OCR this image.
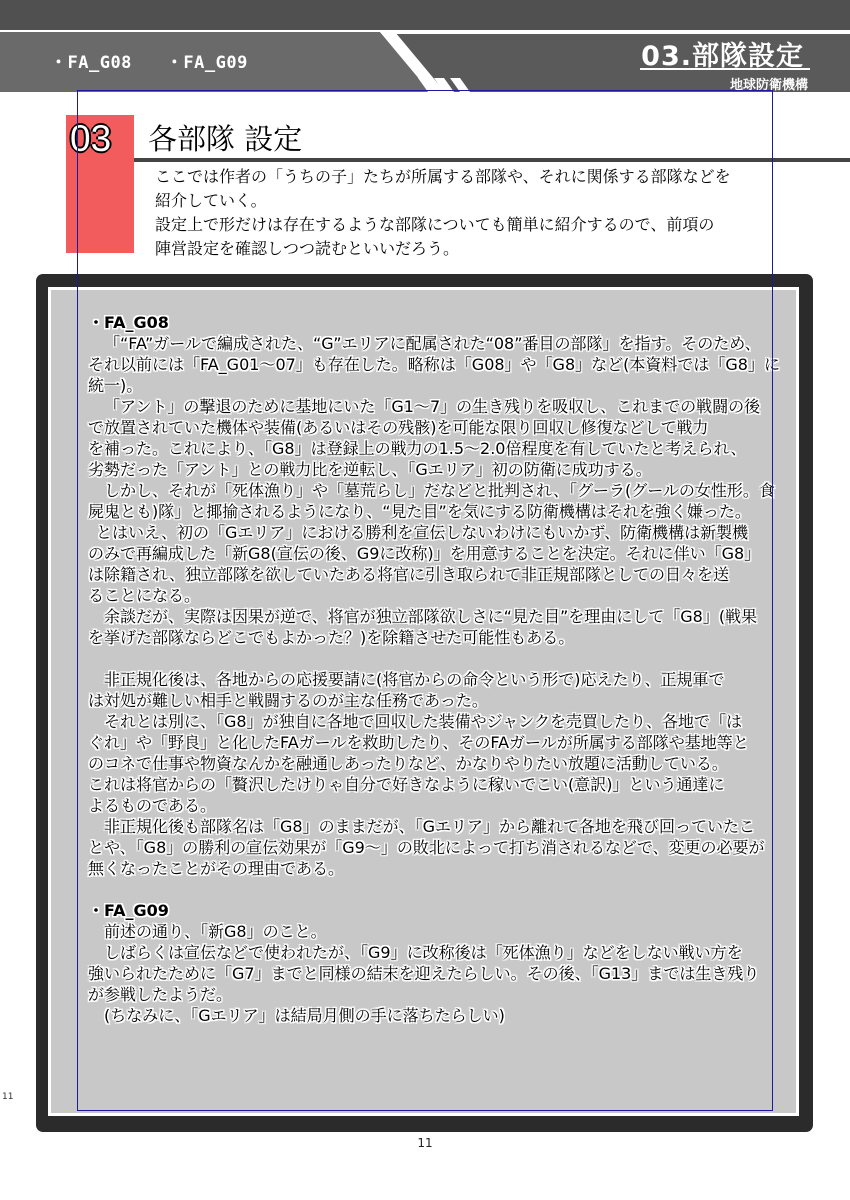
・FA_G08 ・FA_G09	03.部隊設定
地球防衛機構
03 各部隊 設定

ここでは作者の「うちの子」たちが所属する部隊や、それに関係する部隊などを

紹介していく。

設定上で形だけは存在するような部隊についても簡単に紹介するので、前項の

陣営設定を確認しつつ読むといいだろう。

・FA_G08

「“FA”ガールで編成された、“G”エリアに配属された“08”番目の部隊」を指す。そのため、

それ以前には「FA_G01～07」も存在した。略称は「G08」や「G8」など(本資料では「G8」に

統一)。

「アント」の撃退のために基地にいた「G1～7」の生き残りを吸収し、これまでの戦闘の後

で放置されていた機体や装備(あるいはその残骸)を可能な限り回収し修復などして戦力

を補った。これにより、「G8」は登録上の戦力の1.5～2.0倍程度を有していたと考えられ、

劣勢だった「アント」との戦力比を逆転し、「Gエリア」初の防衛に成功する。

しかし、それが「死体漁り」や「墓荒らし」だなどと批判され、「グーラ(グールの女性形。食

屍鬼とも)隊」と揶揄されるようになり、“見た目”を気にする防衛機構はそれを強く嫌った。

とはいえ、初の「Gエリア」における勝利を宣伝しないわけにもいかず、防衛機構は新製機

のみで再編成した「新G8(宣伝の後、G9に改称)」を用意することを決定。それに伴い「G8」

は除籍され、独立部隊を欲していたある将官に引き取られて非正規部隊としての日々を送

ることになる。

余談だが、実際は因果が逆で、将官が独立部隊欲しさに“見た目”を理由にして「G8」(戦果

を挙げた部隊ならどこでもよかった？)を除籍させた可能性もある。

非正規化後は、各地からの応援要請に(将官からの命令という形で)応えたり、正規軍で

は対処が難しい相手と戦闘するのが主な任務であった。

それとは別に、「G8」が独自に各地で回収した装備やジャンクを売買したり、各地で「は

ぐれ」や「野良」と化したFAガールを救助したり、そのFAガールが所属する部隊や基地等と

のコネで仕事や物資なんかを融通しあったりなど、かなりやりたい放題に活動している。

これは将官からの「贅沢したけりゃ自分で好きなように稼いでこい(意訳)」という通達に

よるものである。

非正規化後も部隊名は「G8」のままだが、「Gエリア」から離れて各地を飛び回っていたこ

とや、「G8」の勝利の宣伝効果が「G9～」の敗北によって打ち消されるなどで、変更の必要が

無くなったことがその理由である。

・FA_G09

前述の通り、「新G8」のこと。

しばらくは宣伝などで使われたが、「G9」に改称後は「死体漁り」などをしない戦い方を

強いられたために「G7」までと同様の結末を迎えたらしい。その後、「G13」までは生き残り

が参戦したようだ。

(ちなみに、「Gエリア」は結局月側の手に落ちたらしい)

11
11
